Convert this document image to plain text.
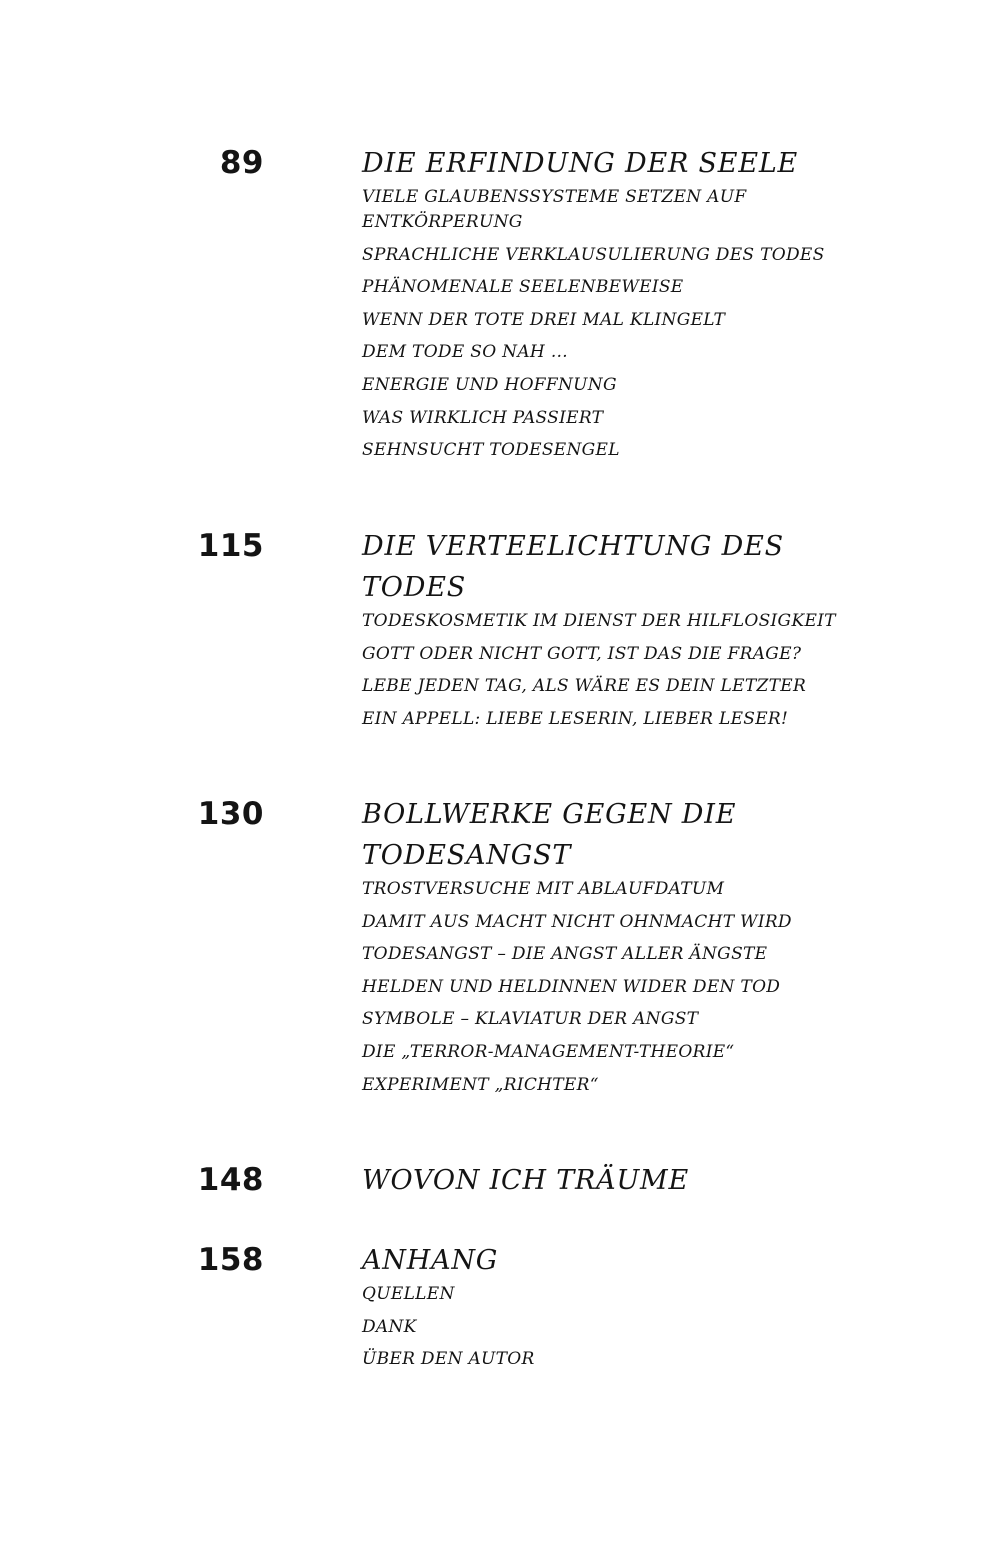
89	DIE ERFINDUNG DER SEELE
VIELE GLAUBENSSYSTEME SETZEN AUF ENTKÖRPERUNG
SPRACHLICHE VERKLAUSULIERUNG DES TODES
PHÄNOMENALE SEELENBEWEISE
WENN DER TOTE DREI MAL KLINGELT
DEM TODE SO NAH …
ENERGIE UND HOFFNUNG
WAS WIRKLICH PASSIERT
SEHNSUCHT TODESENGEL
115	DIE VERTEELICHTUNG DES TODES
TODESKOSMETIK IM DIENST DER HILFLOSIGKEIT
GOTT ODER NICHT GOTT, IST DAS DIE FRAGE?
LEBE JEDEN TAG, ALS WÄRE ES DEIN LETZTER
EIN APPELL: LIEBE LESERIN, LIEBER LESER!
130	BOLLWERKE GEGEN DIE TODESANGST
TROSTVERSUCHE MIT ABLAUFDATUM
DAMIT AUS MACHT NICHT OHNMACHT WIRD
TODESANGST – DIE ANGST ALLER ÄNGSTE
HELDEN UND HELDINNEN WIDER DEN TOD
SYMBOLE – KLAVIATUR DER ANGST
DIE „TERROR-MANAGEMENT-THEORIE“
EXPERIMENT „RICHTER“
148	WOVON ICH TRÄUME
158	ANHANG
QUELLEN
DANK
ÜBER DEN AUTOR
